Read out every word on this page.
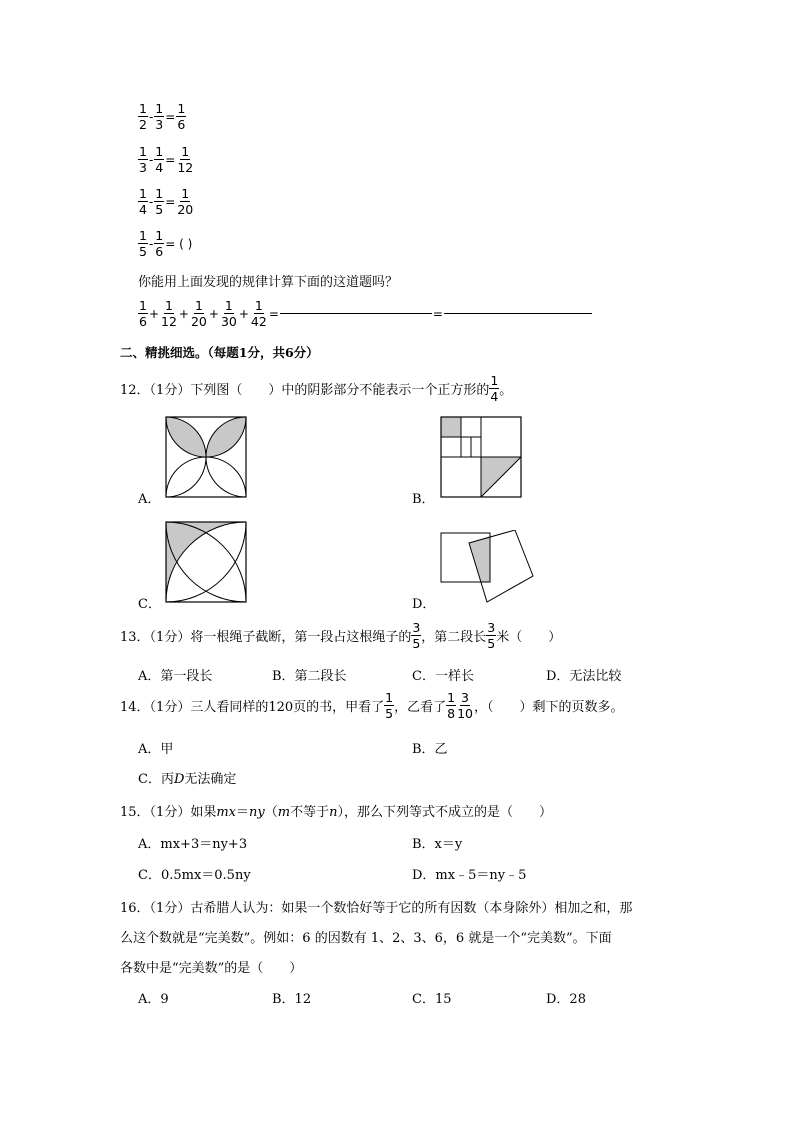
$\frac{1}{2} - \frac{1}{3} = \frac{1}{6}$
$\frac{1}{3} - \frac{1}{4} = \frac{1}{12}$
$\frac{1}{4} - \frac{1}{5} = \frac{1}{20}$
$\frac{1}{5} - \frac{1}{6}$ = ( )
你能用上面发现的规律计算下面的这道题吗？
$\frac{1}{6} + \frac{1}{12} + \frac{1}{20} + \frac{1}{30} + \frac{1}{42}$ =	=
二、精挑细选。（每题1分，共6分）
12．（1分）下列图（　　）中的阴影部分不能表示一个正方形的 $\frac{1}{4}$ 。
A．	B．
C．	D．
13．（1分）将一根绳子截断，第一段占这根绳子的 $\frac{3}{5}$ ，第二段长 $\frac{3}{5}$ 米（　　）
A．第一段长	B．第二段长	C．一样长	D．无法比较
14．（1分）三人看同样的120页的书，甲看了 $\frac{1}{5}$ ，乙看了 $\frac{1}{8} \frac{3}{10}$ ，（　　）剩下的页数多。
A．甲	B．乙
C．丙D无法确定
15．（1分）如果mx＝ny（m不等于n），那么下列等式不成立的是（　　）
A．mx+3＝ny+3	B．x＝y
C．0.5mx＝0.5ny	D．mx﹣5＝ny﹣5
16．（1分）古希腊人认为：如果一个数恰好等于它的所有因数（本身除外）相加之和，那
么这个数就是“完美数”。例如：6 的因数有 1、2、3、6，6 就是一个“完美数”。下面
各数中是“完美数”的是（　　）
A．9	B．12	C．15	D．28
